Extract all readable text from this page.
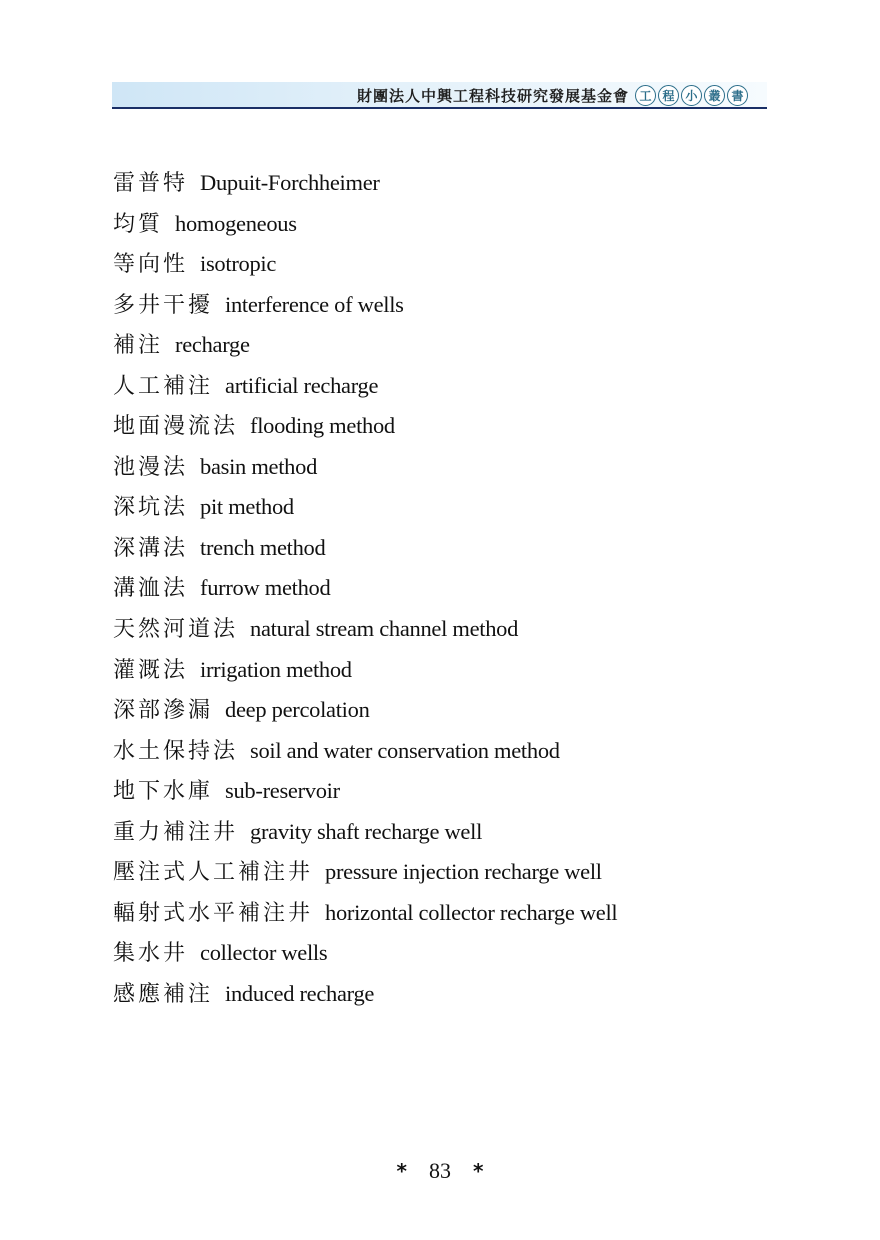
財團法人中興工程科技研究發展基金會 工 程 小 叢 書
雷普特 Dupuit-Forchheimer
均質 homogeneous
等向性 isotropic
多井干擾 interference of wells
補注 recharge
人工補注 artificial recharge
地面漫流法 flooding method
池漫法 basin method
深坑法 pit method
深溝法 trench method
溝洫法 furrow method
天然河道法 natural stream channel method
灌溉法 irrigation method
深部滲漏 deep percolation
水土保持法 soil and water conservation method
地下水庫 sub-reservoir
重力補注井 gravity shaft recharge well
壓注式人工補注井 pressure injection recharge well
輻射式水平補注井 horizontal collector recharge well
集水井 collector wells
感應補注 induced recharge
* 83 *
